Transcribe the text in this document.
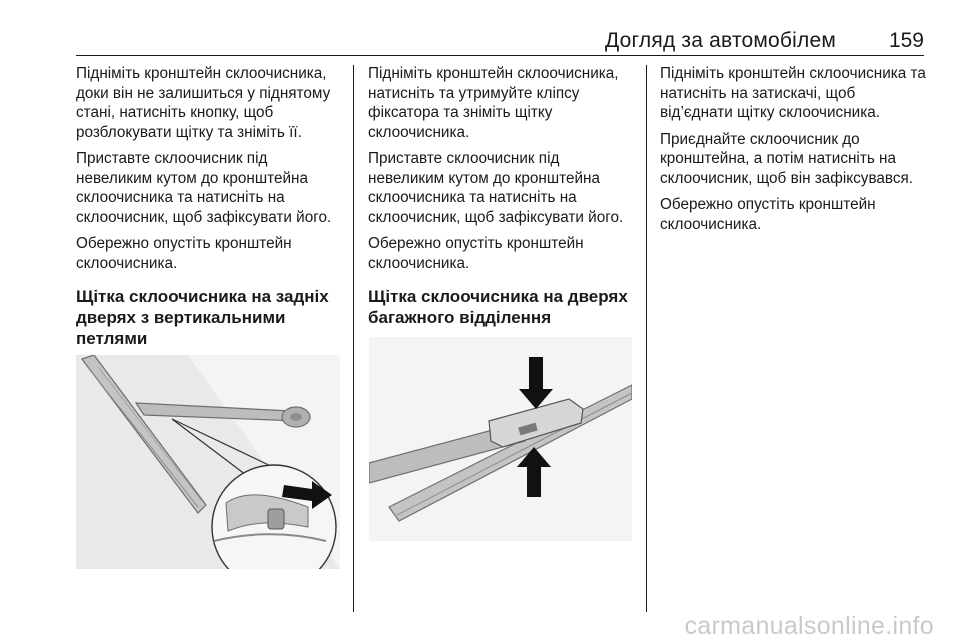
Догляд за автомобілем	159

Підніміть кронштейн склоочисника, доки він не залишиться у піднятому стані, натисніть кнопку, щоб розблокувати щітку та зніміть її.

Приставте склоочисник під невеликим кутом до кронштейна склоочисника та натисніть на склоочисник, щоб зафіксувати його.

Обережно опустіть кронштейн склоочисника.

Щітка склоочисника на задніх дверях з вертикальними петлями

Підніміть кронштейн склоочисника, натисніть та утримуйте кліпсу фіксатора та зніміть щітку склоочисника.

Приставте склоочисник під невеликим кутом до кронштейна склоочисника та натисніть на склоочисник, щоб зафіксувати його.

Обережно опустіть кронштейн склоочисника.

Щітка склоочисника на дверях багажного відділення

Підніміть кронштейн склоочисника та натисніть на затискачі, щоб від’єднати щітку склоочисника.

Приєднайте склоочисник до кронштейна, а потім натисніть на склоочисник, щоб він зафіксувався.

Обережно опустіть кронштейн склоочисника.

carmanualsonline.info
